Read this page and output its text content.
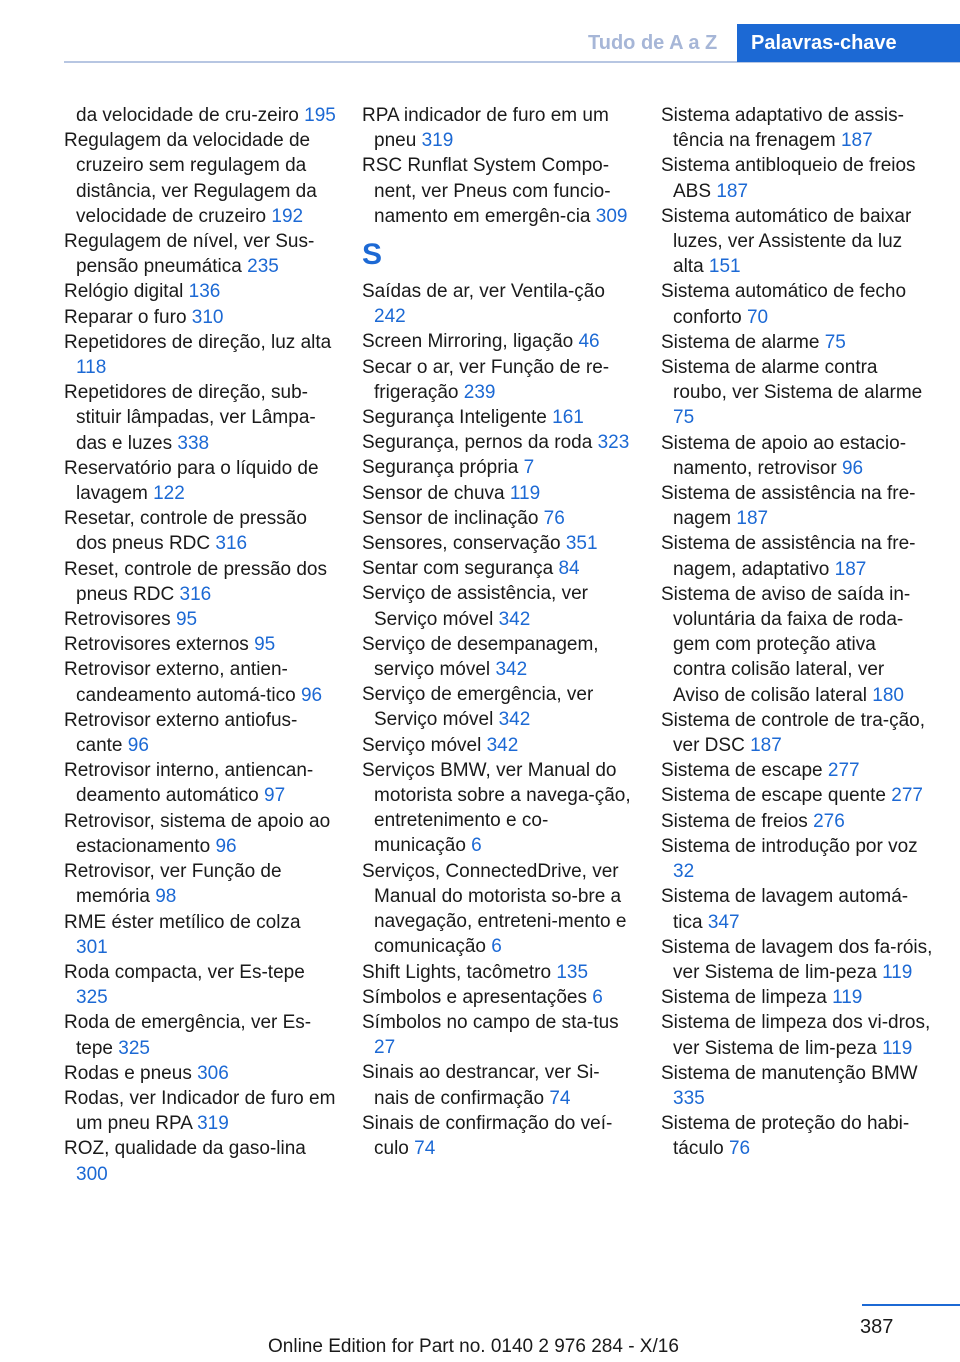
Tudo de A a Z	Palavras-chave
da velocidade de cru-​zeiro 195
Regulagem da velocidade de cruzeiro sem regulagem da distância, ver Regulagem da velocidade de cruzeiro 192
Regulagem de nível, ver Sus-​pensão pneumática 235
Relógio digital 136
Reparar o furo 310
Repetidores de direção, luz alta 118
Repetidores de direção, sub-​stituir lâmpadas, ver Lâmpa-​das e luzes 338
Reservatório para o líquido de lavagem 122
Resetar, controle de pressão dos pneus RDC 316
Reset, controle de pressão dos pneus RDC 316
Retrovisores 95
Retrovisores externos 95
Retrovisor externo, antien-​candeamento automá-​tico 96
Retrovisor externo antiofus-​cante 96
Retrovisor interno, antiencan-​deamento automático 97
Retrovisor, sistema de apoio ao estacionamento 96
Retrovisor, ver Função de memória 98
RME éster metílico de colza 301
Roda compacta, ver Es-​tepe 325
Roda de emergência, ver Es-​tepe 325
Rodas e pneus 306
Rodas, ver Indicador de furo em um pneu RPA 319
ROZ, qualidade da gaso-​lina 300
RPA indicador de furo em um pneu 319
RSC Runflat System Compo-​nent, ver Pneus com funcio-​namento em emergên-​cia 309
S
Saídas de ar, ver Ventila-​ção 242
Screen Mirroring, ligação 46
Secar o ar, ver Função de re-​frigeração 239
Segurança Inteligente 161
Segurança, pernos da roda 323
Segurança própria 7
Sensor de chuva 119
Sensor de inclinação 76
Sensores, conservação 351
Sentar com segurança 84
Serviço de assistência, ver Serviço móvel 342
Serviço de desempanagem, serviço móvel 342
Serviço de emergência, ver Serviço móvel 342
Serviço móvel 342
Serviços BMW, ver Manual do motorista sobre a navega-​ção, entretenimento e co-​municação 6
Serviços, ConnectedDrive, ver Manual do motorista so-​bre a navegação, entreteni-​mento e comunicação 6
Shift Lights, tacômetro 135
Símbolos e apresentações 6
Símbolos no campo de sta-​tus 27
Sinais ao destrancar, ver Si-​nais de confirmação 74
Sinais de confirmação do veí-​culo 74
Sistema adaptativo de assis-​tência na frenagem 187
Sistema antibloqueio de freios ABS 187
Sistema automático de baixar luzes, ver Assistente da luz alta 151
Sistema automático de fecho conforto 70
Sistema de alarme 75
Sistema de alarme contra roubo, ver Sistema de alarme 75
Sistema de apoio ao estacio-​namento, retrovisor 96
Sistema de assistência na fre-​nagem 187
Sistema de assistência na fre-​nagem, adaptativo 187
Sistema de aviso de saída in-​voluntária da faixa de roda-​gem com proteção ativa contra colisão lateral, ver Aviso de colisão lateral 180
Sistema de controle de tra-​ção, ver DSC 187
Sistema de escape 277
Sistema de escape quente 277
Sistema de freios 276
Sistema de introdução por voz 32
Sistema de lavagem automá-​tica 347
Sistema de lavagem dos fa-​róis, ver Sistema de lim-​peza 119
Sistema de limpeza 119
Sistema de limpeza dos vi-​dros, ver Sistema de lim-​peza 119
Sistema de manutenção BMW 335
Sistema de proteção do habi-​táculo 76
387
Online Edition for Part no. 0140 2 976 284 - X/16
